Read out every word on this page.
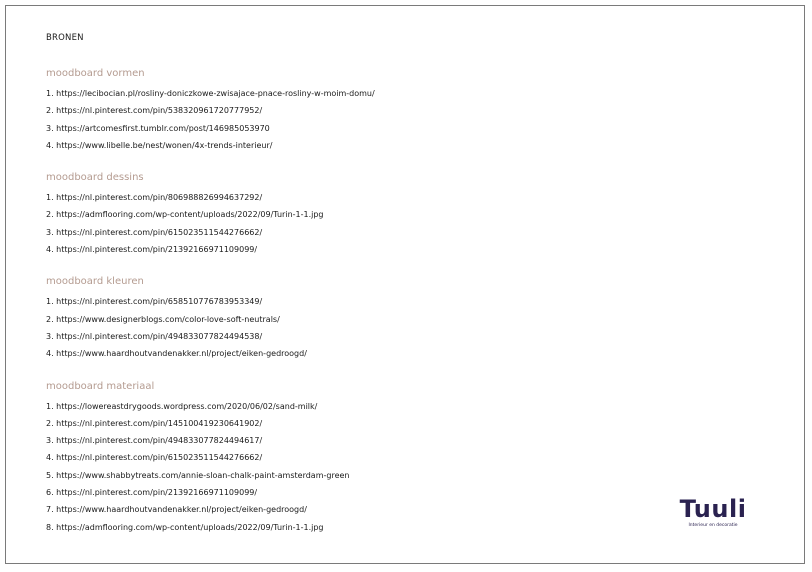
BRONEN
moodboard vormen
1. https://lecibocian.pl/rosliny-doniczkowe-zwisajace-pnace-rosliny-w-moim-domu/
2. https://nl.pinterest.com/pin/538320961720777952/
3. https://artcomesfirst.tumblr.com/post/146985053970
4. https://www.libelle.be/nest/wonen/4x-trends-interieur/
moodboard dessins
1. https://nl.pinterest.com/pin/806988826994637292/
2. https://admflooring.com/wp-content/uploads/2022/09/Turin-1-1.jpg
3. https://nl.pinterest.com/pin/615023511544276662/
4. https://nl.pinterest.com/pin/21392166971109099/
moodboard kleuren
1. https://nl.pinterest.com/pin/658510776783953349/
2. https://www.designerblogs.com/color-love-soft-neutrals/
3. https://nl.pinterest.com/pin/494833077824494538/
4. https://www.haardhoutvandenakker.nl/project/eiken-gedroogd/
moodboard materiaal
1. https://lowereastdrygoods.wordpress.com/2020/06/02/sand-milk/
2. https://nl.pinterest.com/pin/145100419230641902/
3. https://nl.pinterest.com/pin/494833077824494617/
4. https://nl.pinterest.com/pin/615023511544276662/
5. https://www.shabbytreats.com/annie-sloan-chalk-paint-amsterdam-green
6. https://nl.pinterest.com/pin/21392166971109099/
7. https://www.haardhoutvandenakker.nl/project/eiken-gedroogd/
8. https://admflooring.com/wp-content/uploads/2022/09/Turin-1-1.jpg
Tuuli
Interieur en decoratie
